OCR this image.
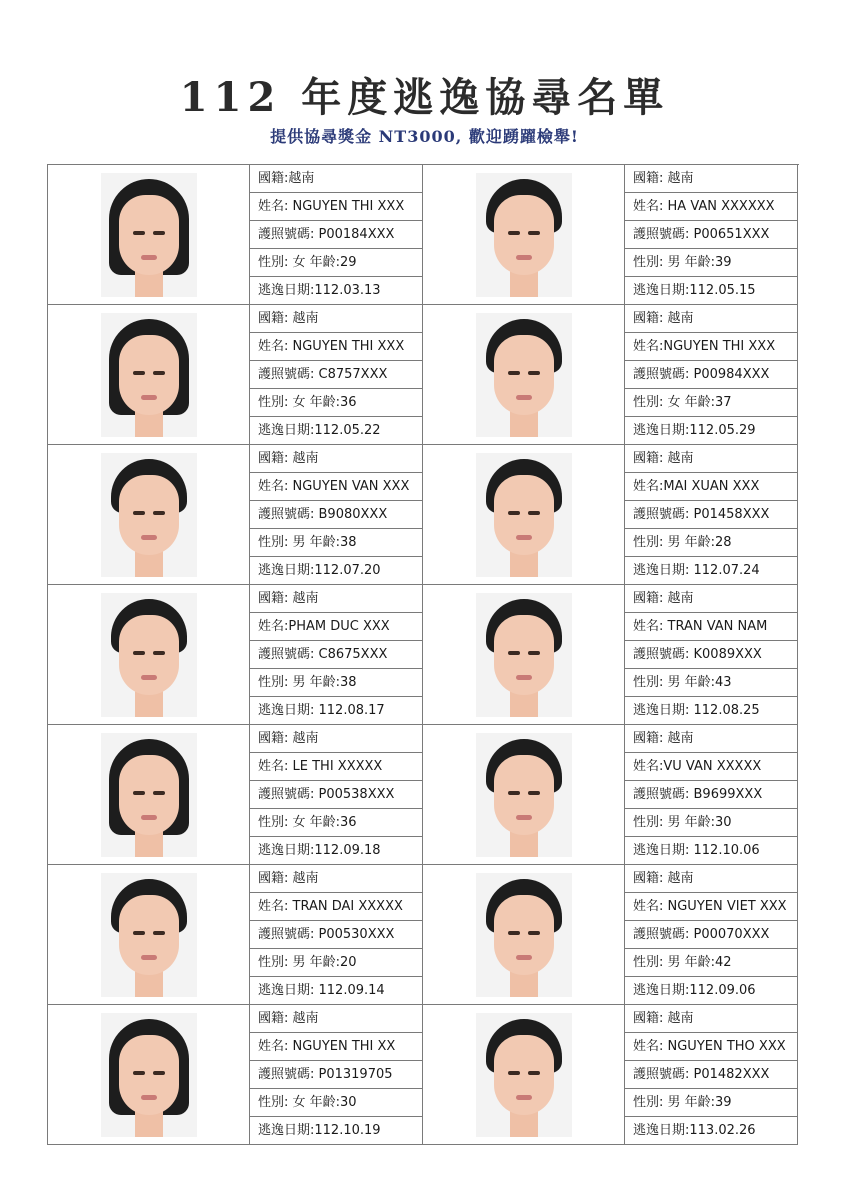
112 年度逃逸協尋名單
提供協尋獎金 NT3000, 歡迎踴躍檢舉!
國籍:越南
姓名: NGUYEN THI XXX
護照號碼: P00184XXX
性別: 女 年齡:29
逃逸日期:112.03.13
國籍: 越南
姓名: HA VAN XXXXXX
護照號碼: P00651XXX
性別: 男 年齡:39
逃逸日期:112.05.15
國籍: 越南
姓名: NGUYEN THI XXX
護照號碼: C8757XXX
性別: 女 年齡:36
逃逸日期:112.05.22
國籍: 越南
姓名:NGUYEN THI XXX
護照號碼: P00984XXX
性別: 女 年齡:37
逃逸日期:112.05.29
國籍: 越南
姓名: NGUYEN VAN XXX
護照號碼: B9080XXX
性別: 男 年齡:38
逃逸日期:112.07.20
國籍: 越南
姓名:MAI XUAN XXX
護照號碼: P01458XXX
性別: 男 年齡:28
逃逸日期: 112.07.24
國籍: 越南
姓名:PHAM DUC XXX
護照號碼: C8675XXX
性別: 男 年齡:38
逃逸日期: 112.08.17
國籍: 越南
姓名: TRAN VAN NAM
護照號碼: K0089XXX
性別: 男 年齡:43
逃逸日期: 112.08.25
國籍: 越南
姓名: LE THI XXXXX
護照號碼: P00538XXX
性別: 女 年齡:36
逃逸日期:112.09.18
國籍: 越南
姓名:VU VAN XXXXX
護照號碼: B9699XXX
性別: 男 年齡:30
逃逸日期: 112.10.06
國籍: 越南
姓名: TRAN DAI XXXXX
護照號碼: P00530XXX
性別: 男 年齡:20
逃逸日期: 112.09.14
國籍: 越南
姓名: NGUYEN VIET XXX
護照號碼: P00070XXX
性別: 男 年齡:42
逃逸日期:112.09.06
國籍: 越南
姓名: NGUYEN THI XX
護照號碼: P01319705
性別: 女 年齡:30
逃逸日期:112.10.19
國籍: 越南
姓名: NGUYEN THO XXX
護照號碼: P01482XXX
性別: 男 年齡:39
逃逸日期:113.02.26
